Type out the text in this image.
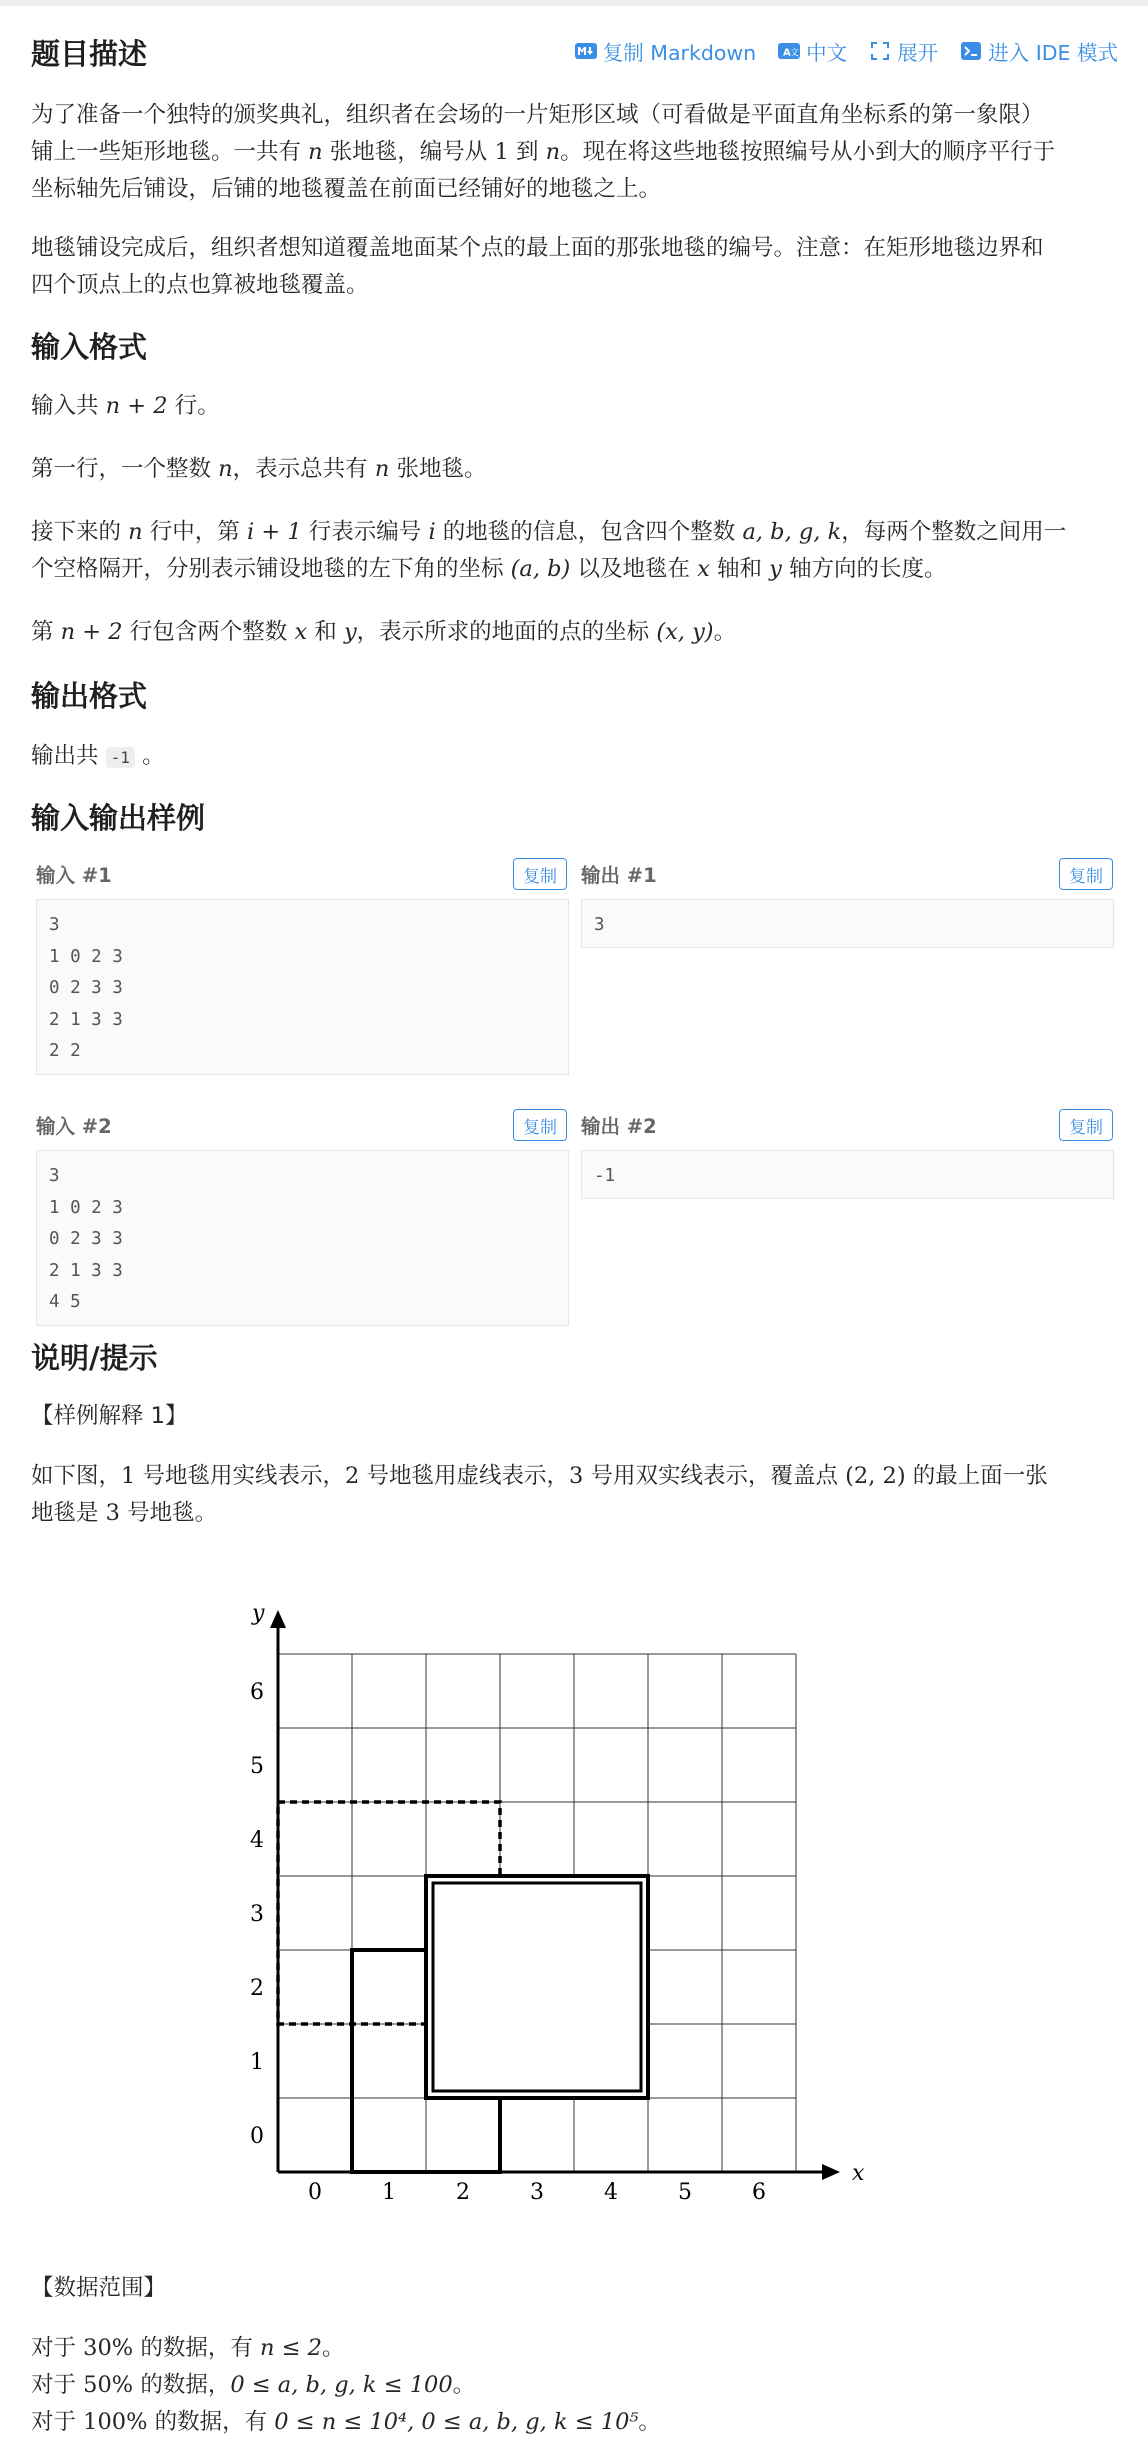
题目描述	复制 Markdown	A 文 中文 展开 进入 IDE 模式

为了准备一个独特的颁奖典礼，组织者在会场的一片矩形区域（可看做是平面直角坐标系的第一象限）

铺上一些矩形地毯。一共有 n 张地毯，编号从 1 到 n。现在将这些地毯按照编号从小到大的顺序平行于

坐标轴先后铺设，后铺的地毯覆盖在前面已经铺好的地毯之上。

地毯铺设完成后，组织者想知道覆盖地面某个点的最上面的那张地毯的编号。注意：在矩形地毯边界和

四个顶点上的点也算被地毯覆盖。

输入格式

输入共 n + 2 行。

第一行，一个整数 n，表示总共有 n 张地毯。

接下来的 n 行中，第 i + 1 行表示编号 i 的地毯的信息，包含四个整数 a, b, g, k，每两个整数之间用一

个空格隔开，分别表示铺设地毯的左下角的坐标 (a, b) 以及地毯在 x 轴和 y 轴方向的长度。

第 n + 2 行包含两个整数 x 和 y，表示所求的地面的点的坐标 (x, y)。

输出格式

输出共 -1 。

输入输出样例
输入 #1	复制
3
1 0 2 3
0 2 3 3
2 1 3 3
2 2
输出 #1	复制
3
输入 #2	复制
3
1 0 2 3
0 2 3 3
2 1 3 3
4 5
输出 #2	复制
-1
说明/提示

【样例解释 1】

如下图，1 号地毯用实线表示，2 号地毯用虚线表示，3 号用双实线表示，覆盖点 (2, 2) 的最上面一张

地毯是 3 号地毯。

x
y
0	1	2	3	4	5	6
0
1
2
3
4
5
6

【数据范围】

对于 30% 的数据，有 n ≤ 2。

对于 50% 的数据，0 ≤ a, b, g, k ≤ 100。

对于 100% 的数据，有 0 ≤ n ≤ 10⁴, 0 ≤ a, b, g, k ≤ 10⁵。
